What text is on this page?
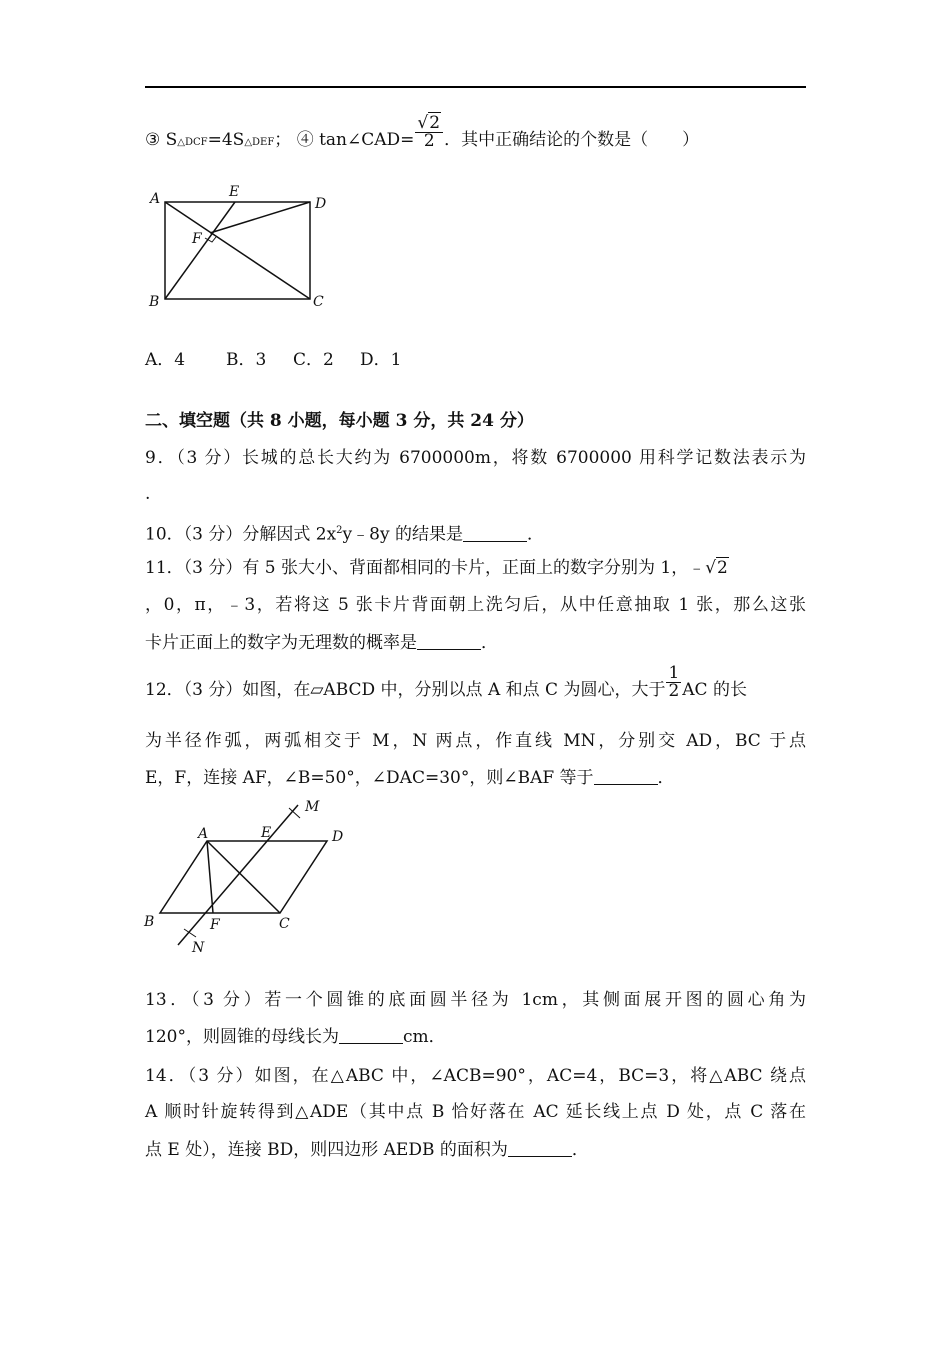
③ S△DCF=4S△DEF； ④ tan∠CAD= $\frac{√2}{2}$ ．其中正确结论的个数是（　　）
A	E
D
F
B	C
A．4 B．3 C．2 D．1
二、填空题（共 8 小题，每小题 3 分，共 24 分）
9．（3 分）长城的总长大约为 6700000m，将数 6700000 用科学记数法表示为
.
10．（3 分）分解因式 $2x^2y﹣8y$ 的结果是	．
11．（3 分）有 5 张大小、背面都相同的卡片，正面上的数字分别为 1，﹣√2
，0，π，﹣3，若将这 5 张卡片背面朝上洗匀后，从中任意抽取 1 张，那么这张
卡片正面上的数字为无理数的概率是	．
12．（3 分）如图，在▱ABCD 中，分别以点 A 和点 C 为圆心，大于 $\frac{1}{2}$ AC 的长
为半径作弧，两弧相交于 M，N 两点，作直线 MN，分别交 AD，BC 于点
E，F，连接 AF，∠B=50°，∠DAC=30°，则∠BAF 等于	．
A	E	D
M
B	F	C
N
13．（3 分）若一个圆锥的底面圆半径为 1cm，其侧面展开图的圆心角为
120°，则圆锥的母线长为	cm．
14．（3 分）如图，在△ABC 中，∠ACB=90°，AC=4，BC=3，将△ABC 绕点
A 顺时针旋转得到△ADE（其中点 B 恰好落在 AC 延长线上点 D 处，点 C 落在
点 E 处），连接 BD，则四边形 AEDB 的面积为	．
